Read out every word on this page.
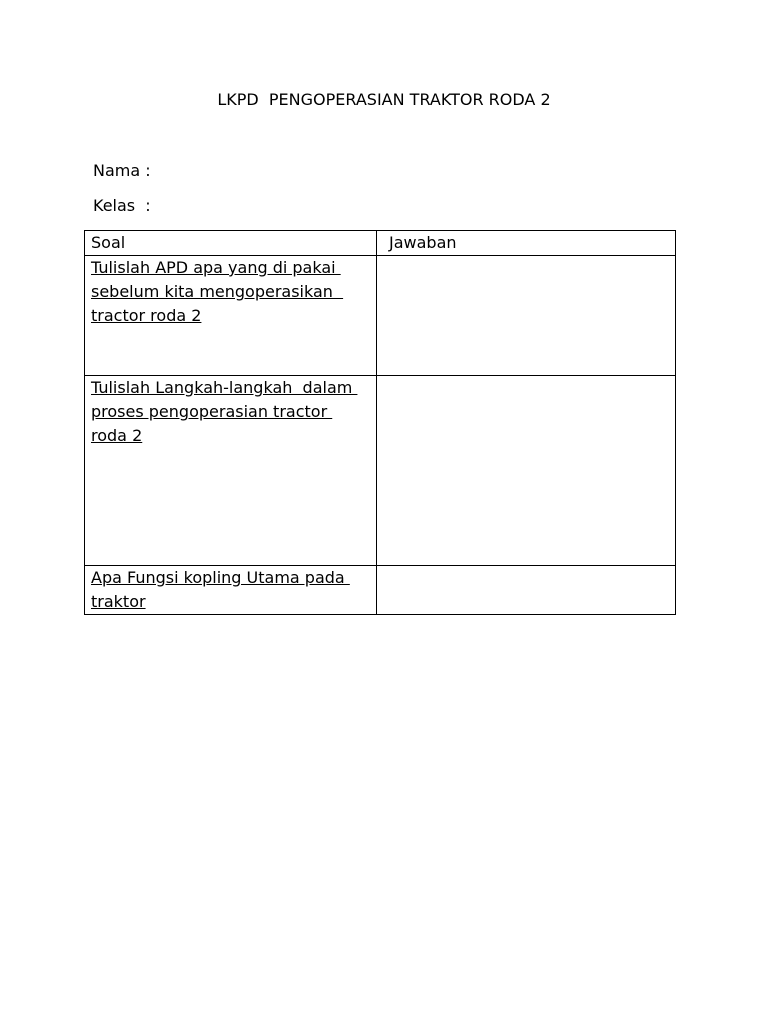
LKPD  PENGOPERASIAN TRAKTOR RODA 2
Nama :
Kelas  :
Soal	Jawaban

Tulislah APD apa yang di pakai
sebelum kita mengoperasikan
tractor roda 2	

Tulislah Langkah-langkah  dalam
proses pengoperasian tractor
roda 2	

Apa Fungsi kopling Utama pada
traktor	
